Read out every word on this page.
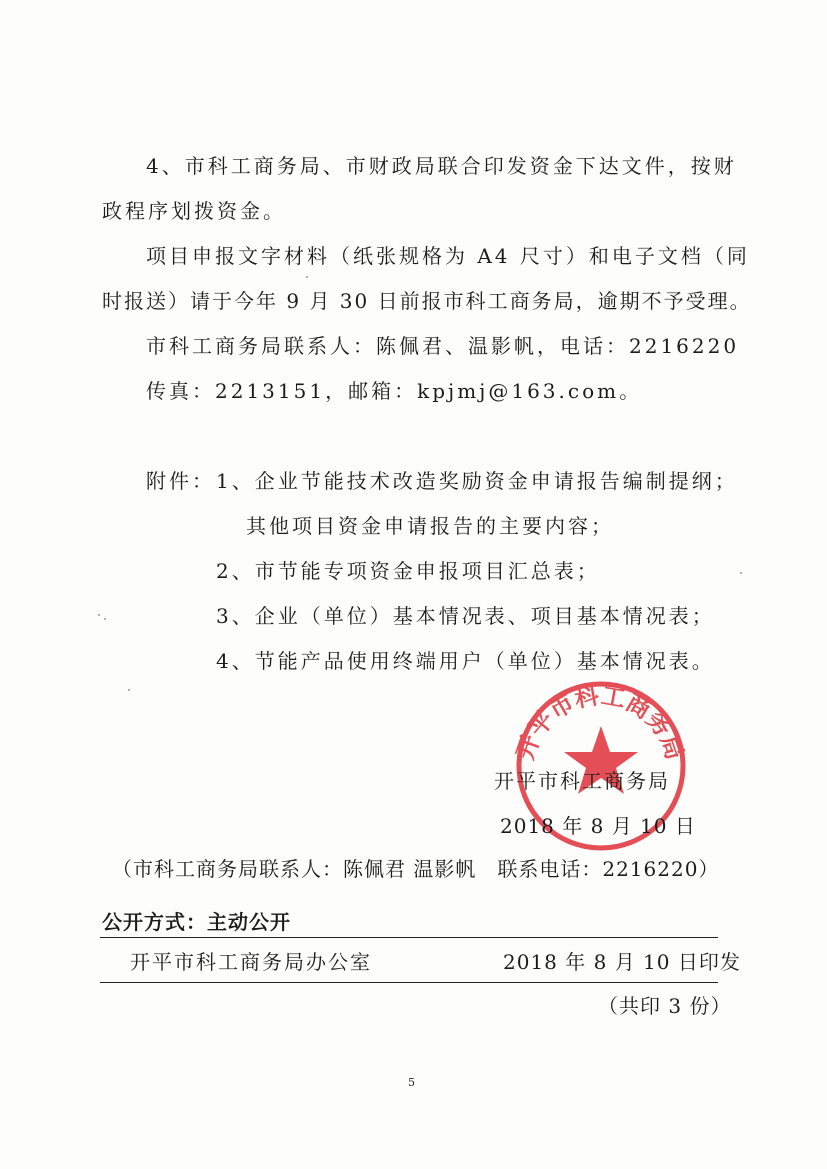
4、市科工商务局、市财政局联合印发资金下达文件，按财
政程序划拨资金。
项目申报文字材料（纸张规格为 A4 尺寸）和电子文档（同
时报送）请于今年 9 月 30 日前报市科工商务局，逾期不予受理。
市科工商务局联系人：陈佩君、温影帆，电话：2216220
传真：2213151，邮箱：kpjmj@163.com。
附件： 1、企业节能技术改造奖励资金申请报告编制提纲；
其他项目资金申请报告的主要内容；
2、市节能专项资金申报项目汇总表；
3、企业（单位）基本情况表、项目基本情况表；
4、节能产品使用终端用户（单位）基本情况表。
开平市科工商务局
开平市科工商务局
2018 年 8 月 10 日
（市科工商务局联系人：陈佩君 温影帆　联系电话：2216220）
公开方式：主动公开
开平市科工商务局办公室	2018 年 8 月 10 日印发
（共印 3 份）
5
